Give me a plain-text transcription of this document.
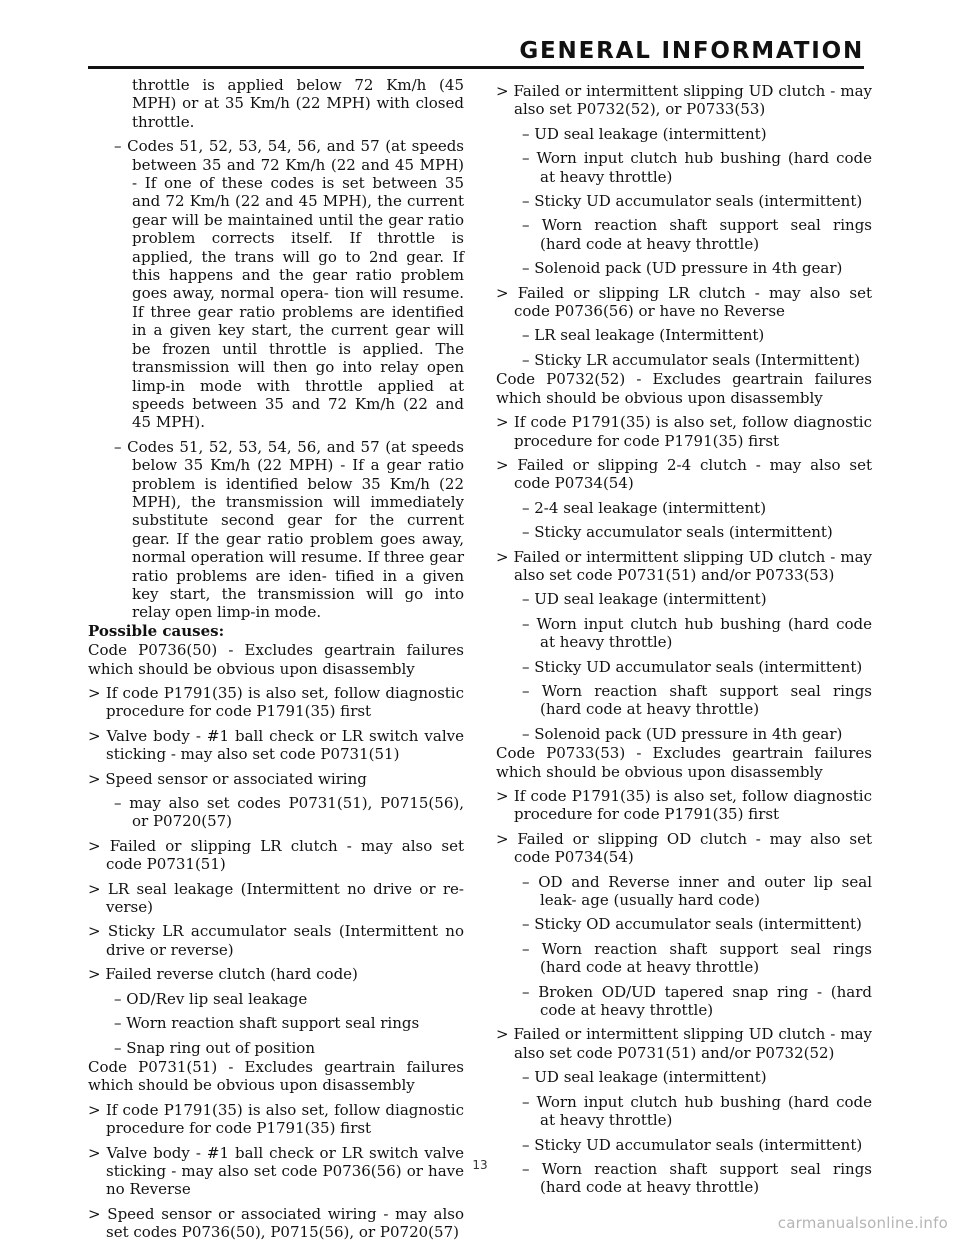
GENERAL INFORMATION

throttle is applied below 72 Km/h (45 MPH) or at 35 Km/h (22 MPH) with closed throttle.

– Codes 51, 52, 53, 54, 56, and 57 (at speeds between 35 and 72 Km/h (22 and 45 MPH) - If one of these codes is set between 35 and 72 Km/h (22 and 45 MPH), the current gear will be maintained until the gear ratio problem corrects itself. If throttle is applied, the trans will go to 2nd gear. If this happens and the gear ratio problem goes away, normal opera- tion will resume. If three gear ratio problems are identified in a given key start, the current gear will be frozen until throttle is applied. The transmission will then go into relay open limp-in mode with throttle applied at speeds between 35 and 72 Km/h (22 and 45 MPH).

– Codes 51, 52, 53, 54, 56, and 57 (at speeds below 35 Km/h (22 MPH) - If a gear ratio problem is identified below 35 Km/h (22 MPH), the transmission will immediately substitute second gear for the current gear. If the gear ratio problem goes away, normal operation will resume. If three gear ratio problems are iden- tified in a given key start, the transmission will go into relay open limp-in mode.

Possible causes:

Code P0736(50) - Excludes geartrain failures which should be obvious upon disassembly

> If code P1791(35) is also set, follow diagnostic procedure for code P1791(35) first

> Valve body - #1 ball check or LR switch valve sticking - may also set code P0731(51)

> Speed sensor or associated wiring

– may also set codes P0731(51), P0715(56), or P0720(57)

> Failed or slipping LR clutch - may also set code P0731(51)

> LR seal leakage (Intermittent no drive or re- verse)

> Sticky LR accumulator seals (Intermittent no drive or reverse)

> Failed reverse clutch (hard code)

– OD/Rev lip seal leakage

– Worn reaction shaft support seal rings

– Snap ring out of position

Code P0731(51) - Excludes geartrain failures which should be obvious upon disassembly

> If code P1791(35) is also set, follow diagnostic procedure for code P1791(35) first

> Valve body - #1 ball check or LR switch valve sticking - may also set code P0736(56) or have no Reverse

> Speed sensor or associated wiring - may also set codes P0736(50), P0715(56), or P0720(57)

> Failed or intermittent slipping UD clutch - may also set P0732(52), or P0733(53)

– UD seal leakage (intermittent)

– Worn input clutch hub bushing (hard code at heavy throttle)

– Sticky UD accumulator seals (intermittent)

– Worn reaction shaft support seal rings (hard code at heavy throttle)

– Solenoid pack (UD pressure in 4th gear)

> Failed or slipping LR clutch - may also set code P0736(56) or have no Reverse

– LR seal leakage (Intermittent)

– Sticky LR accumulator seals (Intermittent)

Code P0732(52) - Excludes geartrain failures which should be obvious upon disassembly

> If code P1791(35) is also set, follow diagnostic procedure for code P1791(35) first

> Failed or slipping 2-4 clutch - may also set code P0734(54)

– 2-4 seal leakage (intermittent)

– Sticky accumulator seals (intermittent)

> Failed or intermittent slipping UD clutch - may also set code P0731(51) and/or P0733(53)

– UD seal leakage (intermittent)

– Worn input clutch hub bushing (hard code at heavy throttle)

– Sticky UD accumulator seals (intermittent)

– Worn reaction shaft support seal rings (hard code at heavy throttle)

– Solenoid pack (UD pressure in 4th gear)

Code P0733(53) - Excludes geartrain failures which should be obvious upon disassembly

> If code P1791(35) is also set, follow diagnostic procedure for code P1791(35) first

> Failed or slipping OD clutch - may also set code P0734(54)

– OD and Reverse inner and outer lip seal leak- age (usually hard code)

– Sticky OD accumulator seals (intermittent)

– Worn reaction shaft support seal rings (hard code at heavy throttle)

– Broken OD/UD tapered snap ring - (hard code at heavy throttle)

> Failed or intermittent slipping UD clutch - may also set code P0731(51) and/or P0732(52)

– UD seal leakage (intermittent)

– Worn input clutch hub bushing (hard code at heavy throttle)

– Sticky UD accumulator seals (intermittent)

– Worn reaction shaft support seal rings (hard code at heavy throttle)

13
carmanualsonline.info
